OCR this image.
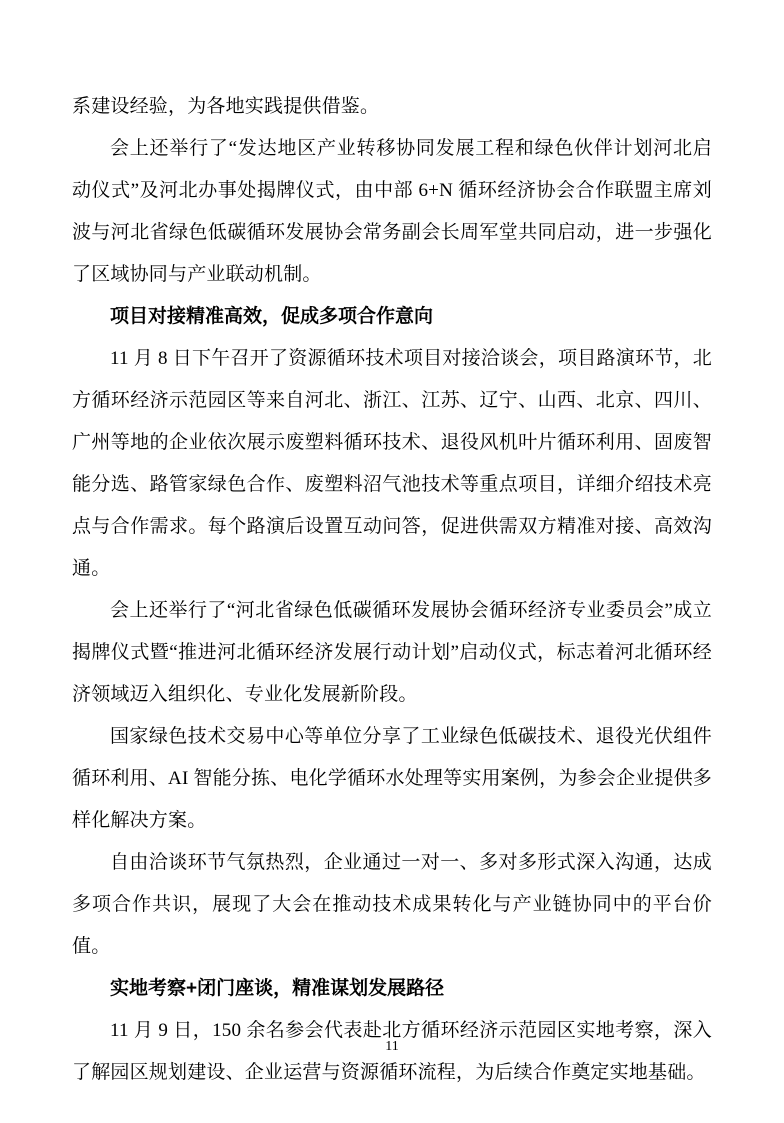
系建设经验，为各地实践提供借鉴。

会上还举行了“发达地区产业转移协同发展工程和绿色伙伴计划河北启动仪式”及河北办事处揭牌仪式，由中部 6+N 循环经济协会合作联盟主席刘波与河北省绿色低碳循环发展协会常务副会长周军堂共同启动，进一步强化了区域协同与产业联动机制。

项目对接精准高效，促成多项合作意向

11 月 8 日下午召开了资源循环技术项目对接洽谈会，项目路演环节，北方循环经济示范园区等来自河北、浙江、江苏、辽宁、山西、北京、四川、广州等地的企业依次展示废塑料循环技术、退役风机叶片循环利用、固废智能分选、路管家绿色合作、废塑料沼气池技术等重点项目，详细介绍技术亮点与合作需求。每个路演后设置互动问答，促进供需双方精准对接、高效沟通。

会上还举行了“河北省绿色低碳循环发展协会循环经济专业委员会”成立揭牌仪式暨“推进河北循环经济发展行动计划”启动仪式，标志着河北循环经济领域迈入组织化、专业化发展新阶段。

国家绿色技术交易中心等单位分享了工业绿色低碳技术、退役光伏组件循环利用、AI 智能分拣、电化学循环水处理等实用案例，为参会企业提供多样化解决方案。

自由洽谈环节气氛热烈，企业通过一对一、多对多形式深入沟通，达成多项合作共识，展现了大会在推动技术成果转化与产业链协同中的平台价值。

实地考察+闭门座谈，精准谋划发展路径

11 月 9 日，150 余名参会代表赴北方循环经济示范园区实地考察，深入了解园区规划建设、企业运营与资源循环流程，为后续合作奠定实地基础。

11
